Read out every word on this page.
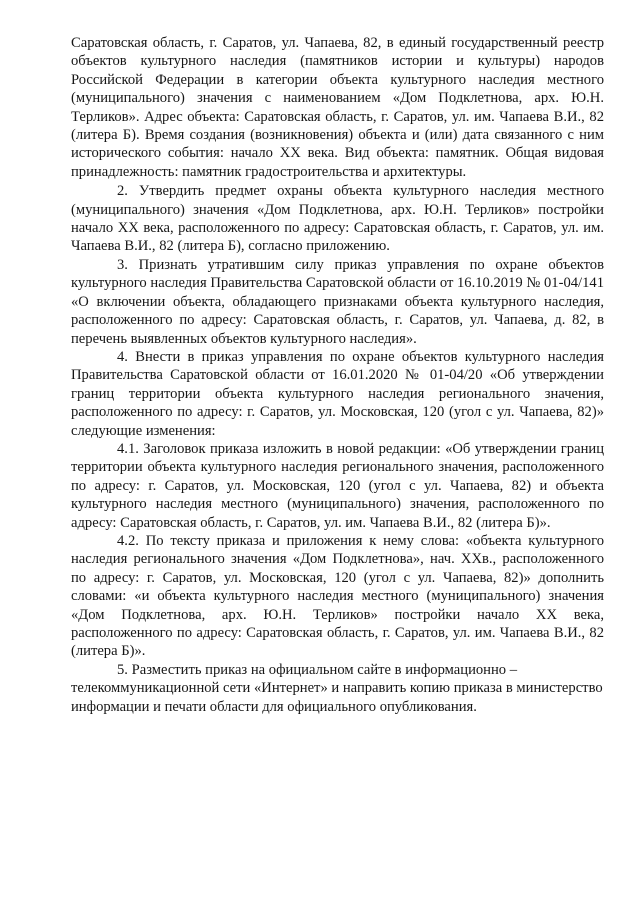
Саратовская область, г. Саратов, ул. Чапаева, 82, в единый государственный реестр объектов культурного наследия (памятников истории и культуры) народов Российской Федерации в категории объекта культурного наследия местного (муниципального) значения с наименованием «Дом Подклетнова, арх. Ю.Н. Терликов». Адрес объекта: Саратовская область, г. Саратов, ул. им. Чапаева В.И., 82 (литера Б). Время создания (возникновения) объекта и (или) дата связанного с ним исторического события: начало XX века. Вид объекта: памятник. Общая видовая принадлежность: памятник градостроительства и архитектуры.

2. Утвердить предмет охраны объекта культурного наследия местного (муниципального) значения «Дом Подклетнова, арх. Ю.Н. Терликов» постройки начало XX века, расположенного по адресу: Саратовская область, г. Саратов, ул. им. Чапаева В.И., 82 (литера Б), согласно приложению.

3. Признать утратившим силу приказ управления по охране объектов культурного наследия Правительства Саратовской области от 16.10.2019 № 01-04/141 «О включении объекта, обладающего признаками объекта культурного наследия, расположенного по адресу: Саратовская область, г. Саратов, ул. Чапаева, д. 82, в перечень выявленных объектов культурного наследия».

4. Внести в приказ управления по охране объектов культурного наследия Правительства Саратовской области от 16.01.2020 № 01-04/20 «Об утверждении границ территории объекта культурного наследия регионального значения, расположенного по адресу: г. Саратов, ул. Московская, 120 (угол с ул. Чапаева, 82)» следующие изменения:

4.1. Заголовок приказа изложить в новой редакции: «Об утверждении границ территории объекта культурного наследия регионального значения, расположенного по адресу: г. Саратов, ул. Московская, 120 (угол с ул. Чапаева, 82) и объекта культурного наследия местного (муниципального) значения, расположенного по адресу: Саратовская область, г. Саратов, ул. им. Чапаева В.И., 82 (литера Б)».

4.2. По тексту приказа и приложения к нему слова: «объекта культурного наследия регионального значения «Дом Подклетнова», нач. XXв., расположенного по адресу: г. Саратов, ул. Московская, 120 (угол с ул. Чапаева, 82)» дополнить словами: «и объекта культурного наследия местного (муниципального) значения «Дом Подклетнова, арх. Ю.Н. Терликов» постройки начало XX века, расположенного по адресу: Саратовская область, г. Саратов, ул. им. Чапаева В.И., 82 (литера Б)».

5. Разместить приказ на официальном сайте в информационно – телекоммуникационной сети «Интернет» и направить копию приказа в министерство информации и печати области для официального опубликования.
